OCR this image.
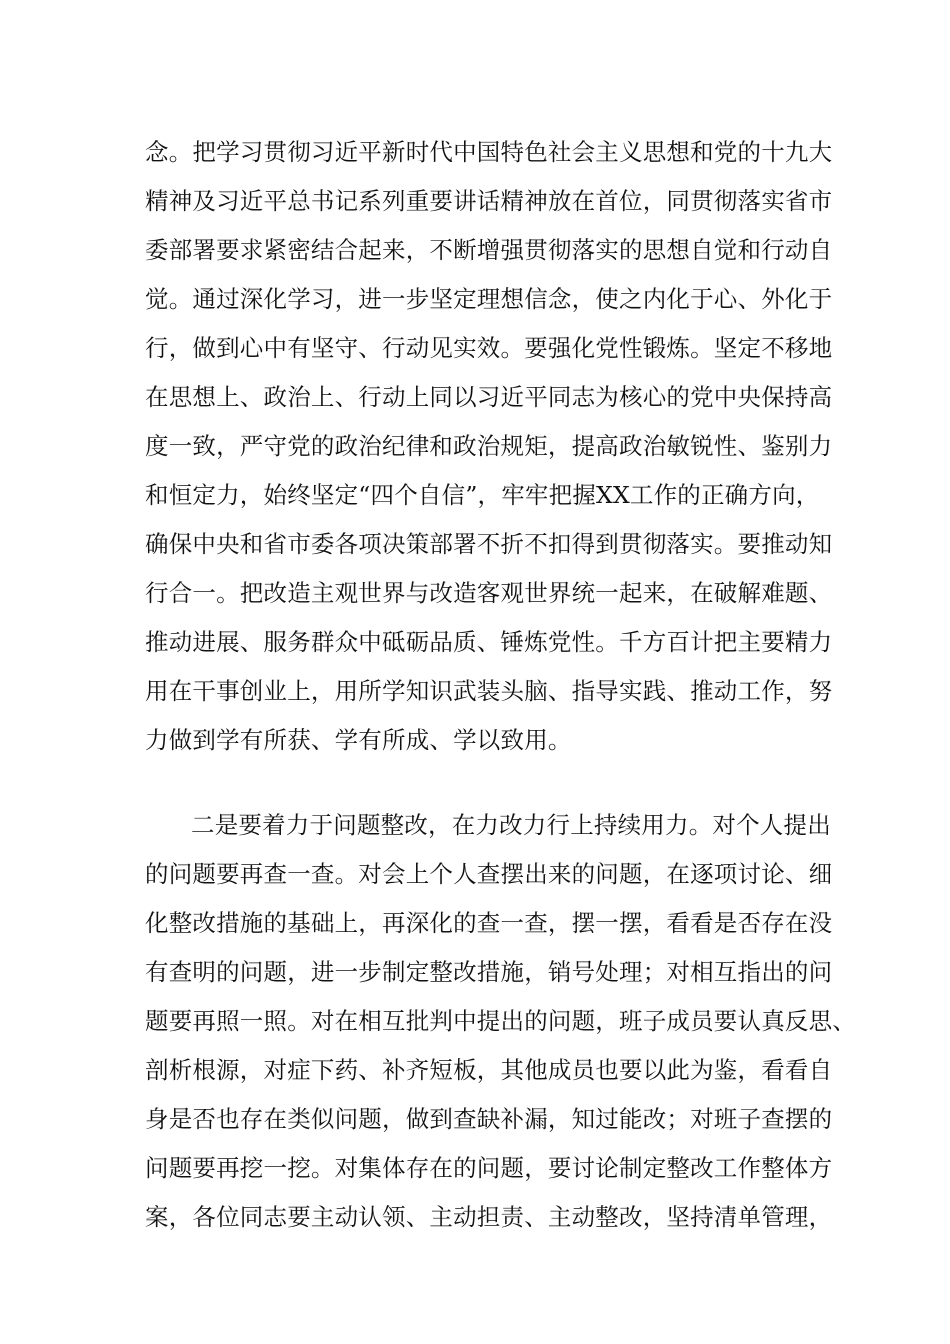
念。把学习贯彻习近平新时代中国特色社会主义思想和党的十九大
精神及习近平总书记系列重要讲话精神放在首位，同贯彻落实省市
委部署要求紧密结合起来，不断增强贯彻落实的思想自觉和行动自
觉。通过深化学习，进一步坚定理想信念，使之内化于心、外化于
行，做到心中有坚守、行动见实效。要强化党性锻炼。坚定不移地
在思想上、政治上、行动上同以习近平同志为核心的党中央保持高
度一致，严守党的政治纪律和政治规矩，提高政治敏锐性、鉴别力
和恒定力，始终坚定“四个自信”，牢牢把握XX工作的正确方向，
确保中央和省市委各项决策部署不折不扣得到贯彻落实。要推动知
行合一。把改造主观世界与改造客观世界统一起来，在破解难题、
推动进展、服务群众中砥砺品质、锤炼党性。千方百计把主要精力
用在干事创业上，用所学知识武装头脑、指导实践、推动工作，努
力做到学有所获、学有所成、学以致用。
二是要着力于问题整改，在力改力行上持续用力。对个人提出
的问题要再查一查。对会上个人查摆出来的问题，在逐项讨论、细
化整改措施的基础上，再深化的查一查，摆一摆，看看是否存在没
有查明的问题，进一步制定整改措施，销号处理；对相互指出的问
题要再照一照。对在相互批判中提出的问题，班子成员要认真反思、
剖析根源，对症下药、补齐短板，其他成员也要以此为鉴，看看自
身是否也存在类似问题，做到查缺补漏，知过能改；对班子查摆的
问题要再挖一挖。对集体存在的问题，要讨论制定整改工作整体方
案，各位同志要主动认领、主动担责、主动整改，坚持清单管理，
